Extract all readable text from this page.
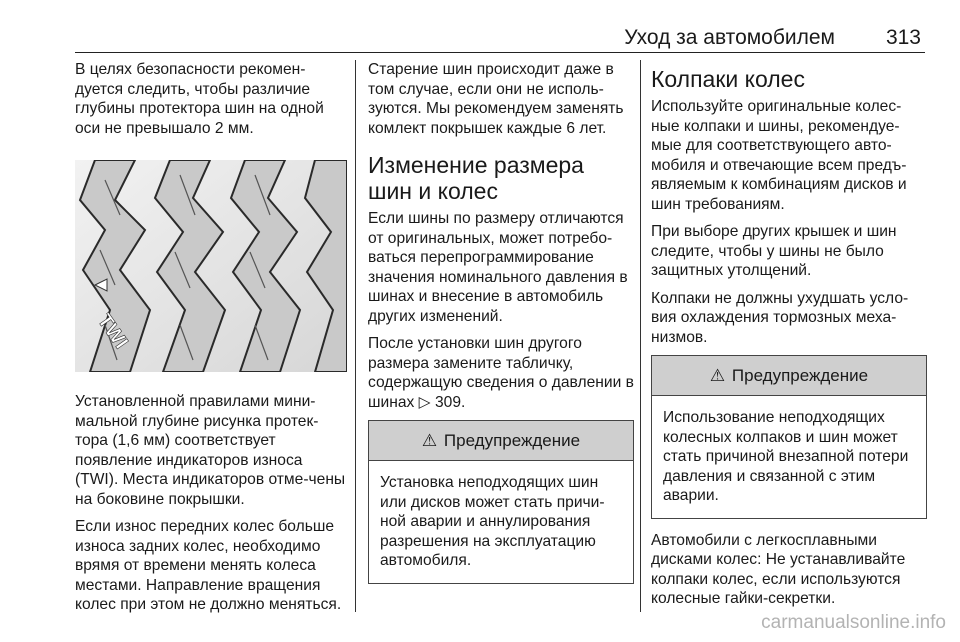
Уход за автомобилем 313

В целях безопасности рекомен-дуется следить, чтобы различие глубины протектора шин на одной оси не превышало 2 мм.

TWI

Установленной правилами мини-мальной глубине рисунка протек-тора (1,6 мм) соответствует появление индикаторов износа (TWI). Места индикаторов отме-чены на боковине покрышки.

Если износ передних колес больше износа задних колес, необходимо врямя от времени менять колеса местами. Направление вращения колес при этом не должно меняться.

Старение шин происходит даже в том случае, если они не исполь-зуются. Мы рекомендуем заменять комлект покрышек каждые 6 лет.

Изменение размера шин и колес

Если шины по размеру отличаются от оригинальных, может потребо-ваться перепрограммирование значения номинального давления в шинах и внесение в автомобиль других изменений.

После установки шин другого размера замените табличку, содержащую сведения о давлении в шинах ▷ 309.

⚠ Предупреждение
Установка неподходящих шин или дисков может стать причи-ной аварии и аннулирования разрешения на эксплуатацию автомобиля.
Колпаки колес

Используйте оригинальные колес-ные колпаки и шины, рекомендуе-мые для соответствующего авто-мобиля и отвечающие всем предъ-являемым к комбинациям дисков и шин требованиям.

При выборе других крышек и шин следите, чтобы у шины не было защитных утолщений.

Колпаки не должны ухудшать усло-вия охлаждения тормозных меха-низмов.

⚠ Предупреждение
Использование неподходящих колесных колпаков и шин может стать причиной внезапной потери давления и связанной с этим аварии.

Автомобили с легкосплавными дисками колес: Не устанавливайте колпаки колес, если используются колесные гайки-секретки.

carmanualsonline.info
